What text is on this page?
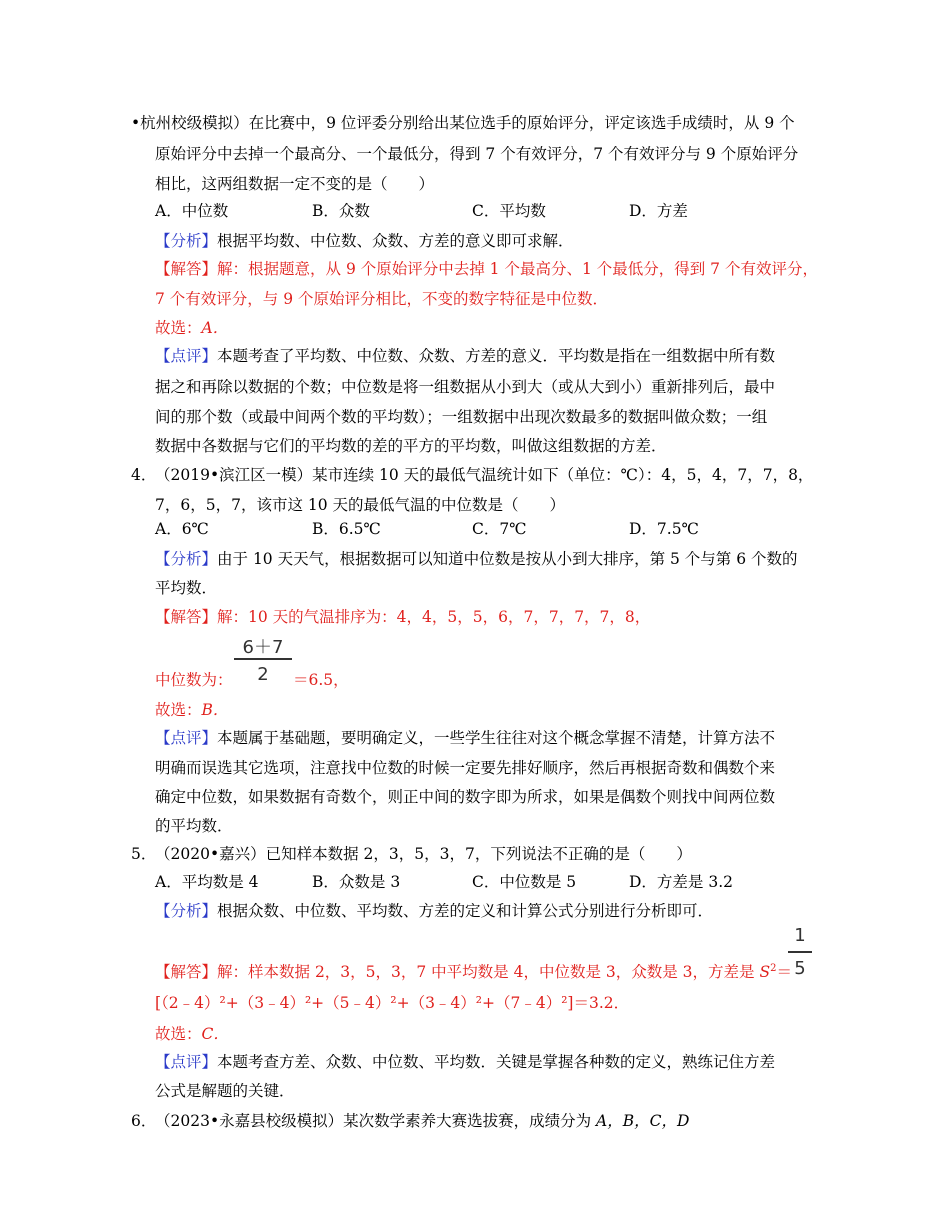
•杭州校级模拟）在比赛中，9 位评委分别给出某位选手的原始评分，评定该选手成绩时，从 9 个
原始评分中去掉一个最高分、一个最低分，得到 7 个有效评分，7 个有效评分与 9 个原始评分
相比，这两组数据一定不变的是（　　）
A．中位数	B．众数	C．平均数	D．方差
【分析】根据平均数、中位数、众数、方差的意义即可求解．
【解答】解：根据题意，从 9 个原始评分中去掉 1 个最高分、1 个最低分，得到 7 个有效评分，
7 个有效评分，与 9 个原始评分相比，不变的数字特征是中位数．
故选：A．
【点评】本题考查了平均数、中位数、众数、方差的意义．平均数是指在一组数据中所有数
据之和再除以数据的个数；中位数是将一组数据从小到大（或从大到小）重新排列后，最中
间的那个数（或最中间两个数的平均数）；一组数据中出现次数最多的数据叫做众数；一组
数据中各数据与它们的平均数的差的平方的平均数，叫做这组数据的方差．
4．
（2019•滨江区一模）某市连续 10 天的最低气温统计如下（单位：℃）：4，5，4，7，7，8，
7，6，5，7，该市这 10 天的最低气温的中位数是（　　）
A．6℃	B．6.5℃	C．7℃	D．7.5℃
【分析】由于 10 天天气，根据数据可以知道中位数是按从小到大排序，第 5 个与第 6 个数的
平均数．
【解答】解：10 天的气温排序为：4，4，5，5，6，7，7，7，7，8，
中位数为：
6＋7
2	＝6.5，
故选：B．
【点评】本题属于基础题，要明确定义，一些学生往往对这个概念掌握不清楚，计算方法不
明确而误选其它选项，注意找中位数的时候一定要先排好顺序，然后再根据奇数和偶数个来
确定中位数，如果数据有奇数个，则正中间的数字即为所求，如果是偶数个则找中间两位数
的平均数．
5．
（2020•嘉兴）已知样本数据 2，3，5，3，7，下列说法不正确的是（　　）
A．平均数是 4	B．众数是 3	C．中位数是 5	D．方差是 3.2
【分析】根据众数、中位数、平均数、方差的定义和计算公式分别进行分析即可．
【解答】解：样本数据 2，3，5，3，7 中平均数是 4，中位数是 3，众数是 3，方差是 $S^2=$
1
5
[（2﹣4）²+（3﹣4）²+（5﹣4）²+（3﹣4）²+（7﹣4）²]＝3.2．
故选：C．
【点评】本题考查方差、众数、中位数、平均数．关键是掌握各种数的定义，熟练记住方差
公式是解题的关键．
6．
（2023•永嘉县校级模拟）某次数学素养大赛选拔赛，成绩分为 A，B，C，D
